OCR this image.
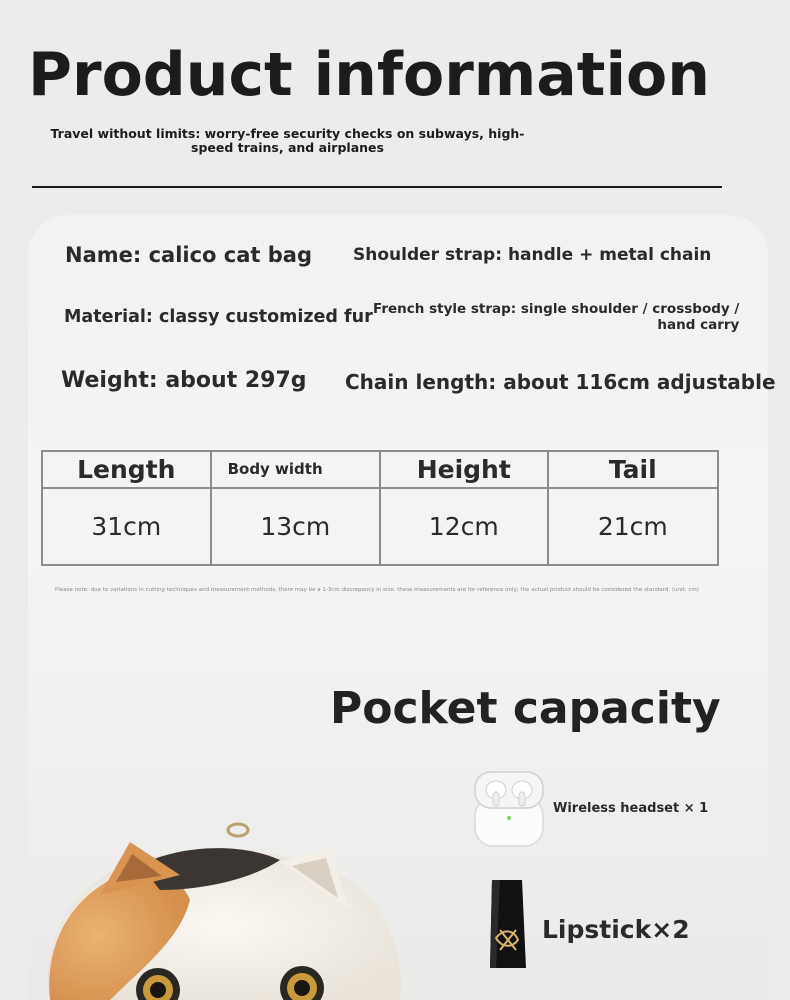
Product information
Travel without limits: worry-free security checks on subways, high-speed trains, and airplanes
Name: calico cat bag Shoulder strap: handle + metal chain
Material: classy customized fur French style strap: single shoulder / crossbody /
hand carry
Weight: about 297g Chain length: about 116cm adjustable
Length	Body width	Height	Tail
31cm	13cm	12cm	21cm
Please note: due to variations in cutting techniques and measurement methods, there may be a 1-3cm discrepancy in size. these measurements are for reference only; the actual product should be considered the standard. (unit: cm)
Pocket capacity
Wireless headset × 1
Lipstick×2
